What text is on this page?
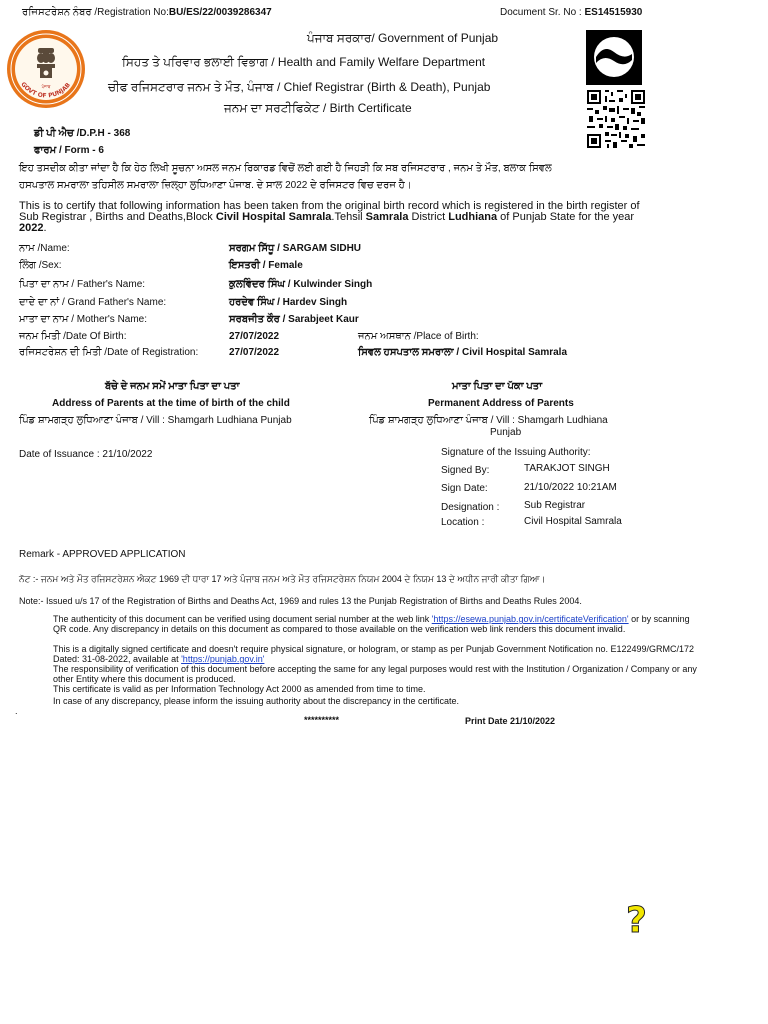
ਰਜਿਸਟਰੇਸ਼ਨ ਨੰਬਰ /Registration No:BU/ES/22/0039286347	Document Sr. No : ES14515930
GOVT OF PUNJAB
ਪੰਜਾਬ
ਪੰਜਾਬ ਸਰਕਾਰ/ Government of Punjab
ਸਿਹਤ ਤੇ ਪਰਿਵਾਰ ਭਲਾਈ ਵਿਭਾਗ / Health and Family Welfare Department
ਚੀਫ ਰਜਿਸਟਰਾਰ ਜਨਮ ਤੇ ਮੌਤ, ਪੰਜਾਬ / Chief Registrar (Birth & Death), Punjab
ਜਨਮ ਦਾ ਸਰਟੀਫਿਕੇਟ / Birth Certificate
ਡੀ ਪੀ ਐਚ /D.P.H - 368
ਫਾਰਮ / Form - 6
ਇਹ ਤਸਦੀਕ ਕੀਤਾ ਜਾਂਦਾ ਹੈ ਕਿ ਹੇਠ ਲਿਖੀ ਸੂਚਨਾ ਅਸਲ ਜਨਮ ਰਿਕਾਰਡ ਵਿਚੋਂ ਲਈ ਗਈ ਹੈ ਜਿਹੜੀ ਕਿ ਸਬ ਰਜਿਸਟਰਾਰ , ਜਨਮ ਤੇ ਮੌਤ, ਬਲਾਕ ਸਿਵਲ
ਹਸਪਤਾਲ ਸਮਰਾਲਾ ਤਹਿਸੀਲ ਸਮਰਾਲਾ ਜ਼ਿਲ੍ਹਾ ਲੁਧਿਆਣਾ ਪੰਜਾਬ. ਦੇ ਸਾਲ 2022 ਦੇ ਰਜਿਸਟਰ ਵਿਚ ਦਰਜ ਹੈ।
This is to certify that following information has been taken from the original birth record which is registered in the birth register of Sub Registrar , Births and Deaths,Block Civil Hospital Samrala.Tehsil Samrala District Ludhiana of Punjab State for the year 2022.
ਨਾਮ /Name:	ਸਰਗਮ ਸਿੱਧੂ / SARGAM SIDHU
ਲਿੰਗ /Sex:	ਇਸਤਰੀ / Female
ਪਿਤਾ ਦਾ ਨਾਮ / Father's Name:	ਕੁਲਵਿੰਦਰ ਸਿੰਘ / Kulwinder Singh
ਦਾਦੇ ਦਾ ਨਾਂ / Grand Father's Name:	ਹਰਦੇਵ ਸਿੰਘ / Hardev Singh
ਮਾਤਾ ਦਾ ਨਾਮ / Mother's Name:	ਸਰਬਜੀਤ ਕੌਰ / Sarabjeet Kaur
ਜਨਮ ਮਿਤੀ /Date Of Birth:	27/07/2022	ਜਨਮ ਅਸਥਾਨ /Place of Birth:
ਰਜਿਸਟਰੇਸ਼ਨ ਦੀ ਮਿਤੀ /Date of Registration:	27/07/2022	ਸਿਵਲ ਹਸਪਤਾਲ ਸਮਰਾਲਾ / Civil Hospital Samrala
ਬੱਚੇ ਦੇ ਜਨਮ ਸਮੇਂ ਮਾਤਾ ਪਿਤਾ ਦਾ ਪਤਾ
Address of Parents at the time of birth of the child
ਪਿੰਡ ਸ਼ਾਮਗੜ੍ਹ ਲੁਧਿਆਣਾ ਪੰਜਾਬ / Vill : Shamgarh Ludhiana Punjab
ਮਾਤਾ ਪਿਤਾ ਦਾ ਪੱਕਾ ਪਤਾ
Permanent Address of Parents
ਪਿੰਡ ਸ਼ਾਮਗੜ੍ਹ ਲੁਧਿਆਣਾ ਪੰਜਾਬ / Vill : Shamgarh Ludhiana
Punjab
Date of Issuance : 21/10/2022	Signature of the Issuing Authority:
Signed By:	TARAKJOT SINGH
Sign Date:	21/10/2022 10:21AM
Designation : Sub Registrar
Location :	Civil Hospital Samrala
Remark - APPROVED APPLICATION
ਨੋਟ :- ਜਨਮ ਅਤੇ ਮੌਤ ਰਜਿਸਟਰੇਸ਼ਨ ਐਕਟ 1969 ਦੀ ਧਾਰਾ 17 ਅਤੇ ਪੰਜਾਬ ਜਨਮ ਅਤੇ ਮੌਤ ਰਜਿਸਟਰੇਸ਼ਨ ਨਿਯਮ 2004 ਦੇ ਨਿਯਮ 13 ਦੇ ਅਧੀਨ ਜਾਰੀ ਕੀਤਾ ਗਿਆ।
Note:- Issued u/s 17 of the Registration of Births and Deaths Act, 1969 and rules 13 the Punjab Registration of Births and Deaths Rules 2004.
The authenticity of this document can be verified using document serial number at the web link 'https://esewa.punjab.gov.in/certificateVerification' or by scanning QR code. Any discrepancy in details on this document as compared to those available on the verification web link renders this document invalid.
This is a digitally signed certificate and doesn't require physical signature, or hologram, or stamp as per Punjab Government Notification no. E122499/GRMC/172 Dated: 31-08-2022, available at 'https://punjab.gov.in'
The responsibility of verification of this document before accepting the same for any legal purposes would rest with the Institution / Organization / Company or any other Entity where this document is produced.
This certificate is valid as per Information Technology Act 2000 as amended from time to time.
In case of any discrepancy, please inform the issuing authority about the discrepancy in the certificate.
.
**********	Print Date 21/10/2022
?
